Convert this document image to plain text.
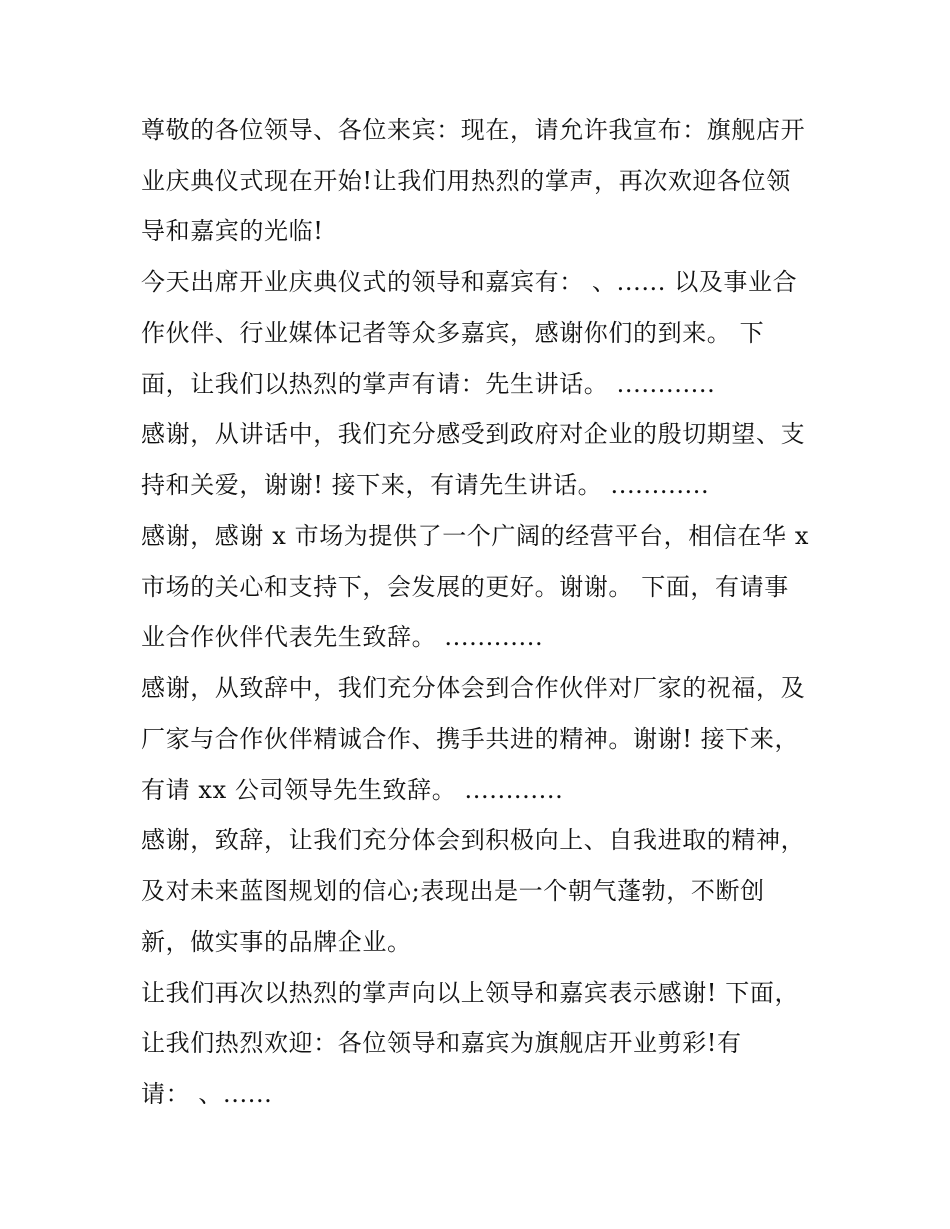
尊敬的各位领导、各位来宾：现在，请允许我宣布：旗舰店开
业庆典仪式现在开始!让我们用热烈的掌声，再次欢迎各位领
导和嘉宾的光临!
今天出席开业庆典仪式的领导和嘉宾有： 、...... 以及事业合
作伙伴、行业媒体记者等众多嘉宾，感谢你们的到来。 下
面，让我们以热烈的掌声有请：先生讲话。 ............
感谢，从讲话中，我们充分感受到政府对企业的殷切期望、支
持和关爱，谢谢! 接下来，有请先生讲话。 ............
感谢，感谢 x 市场为提供了一个广阔的经营平台，相信在华 x
市场的关心和支持下，会发展的更好。谢谢。 下面，有请事
业合作伙伴代表先生致辞。 ............
感谢，从致辞中，我们充分体会到合作伙伴对厂家的祝福，及
厂家与合作伙伴精诚合作、携手共进的精神。谢谢! 接下来，
有请 xx 公司领导先生致辞。 ............
感谢，致辞，让我们充分体会到积极向上、自我进取的精神，
及对未来蓝图规划的信心;表现出是一个朝气蓬勃，不断创
新，做实事的品牌企业。
让我们再次以热烈的掌声向以上领导和嘉宾表示感谢! 下面，
让我们热烈欢迎：各位领导和嘉宾为旗舰店开业剪彩!有
请： 、......
